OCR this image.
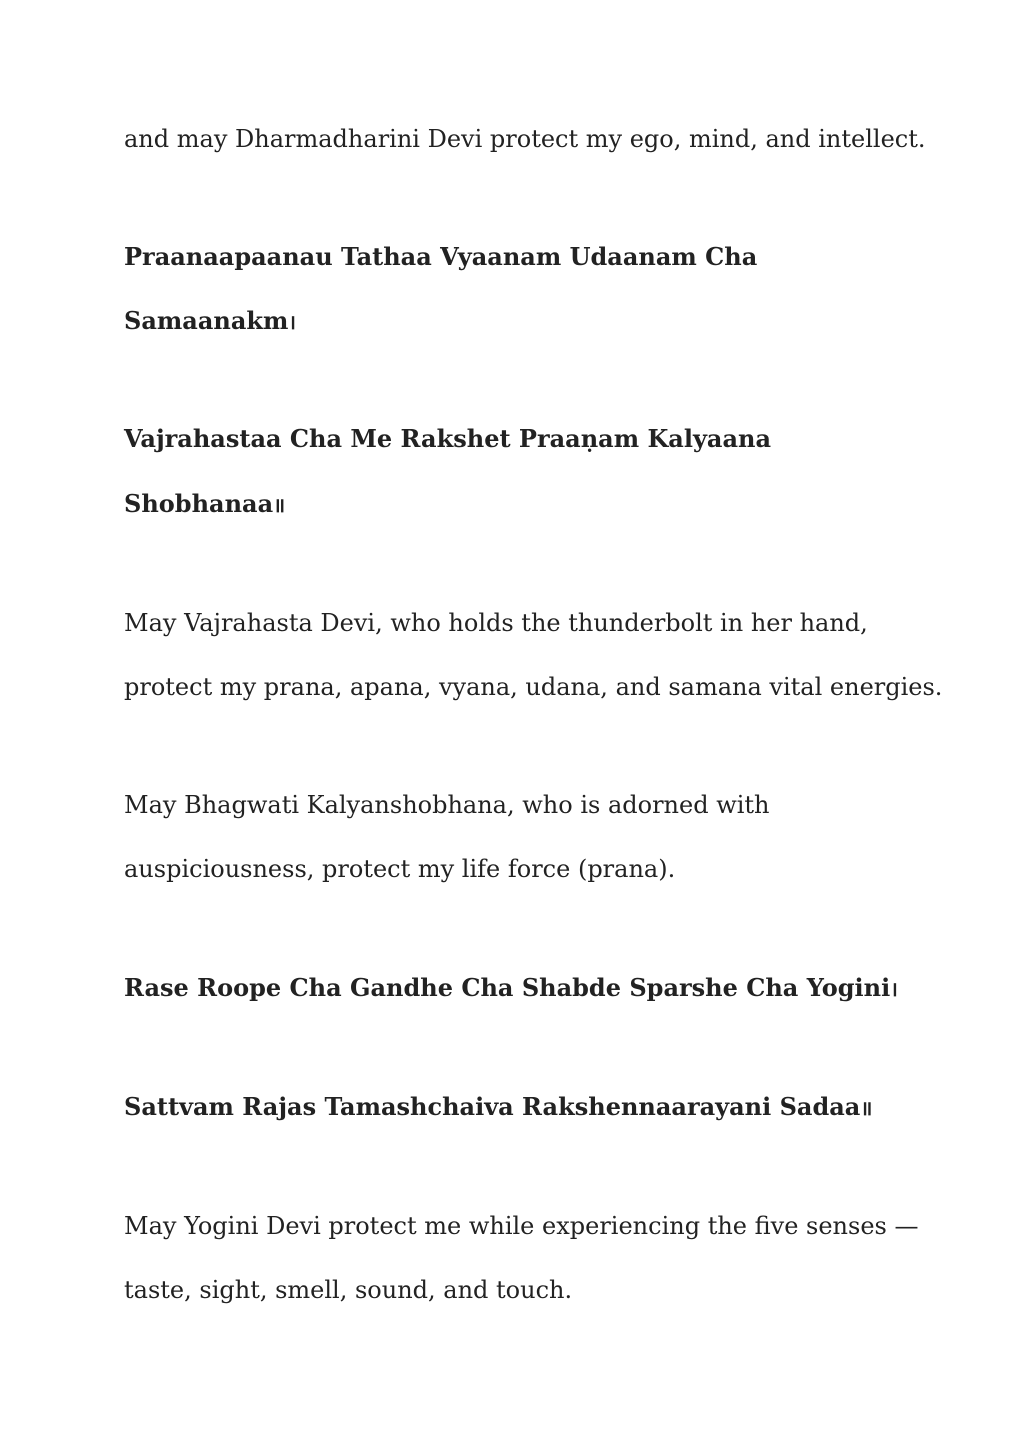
and may Dharmadharini Devi protect my ego, mind, and intellect.
Praanaapaanau Tathaa Vyaanam Udaanam Cha
Samaanakm।
Vajrahastaa Cha Me Rakshet Praaṇam Kalyaana
Shobhanaa॥
May Vajrahasta Devi, who holds the thunderbolt in her hand,
protect my prana, apana, vyana, udana, and samana vital energies.
May Bhagwati Kalyanshobhana, who is adorned with
auspiciousness, protect my life force (prana).
Rase Roope Cha Gandhe Cha Shabde Sparshe Cha Yogini।
Sattvam Rajas Tamashchaiva Rakshennaarayani Sadaa॥
May Yogini Devi protect me while experiencing the five senses —
taste, sight, smell, sound, and touch.
